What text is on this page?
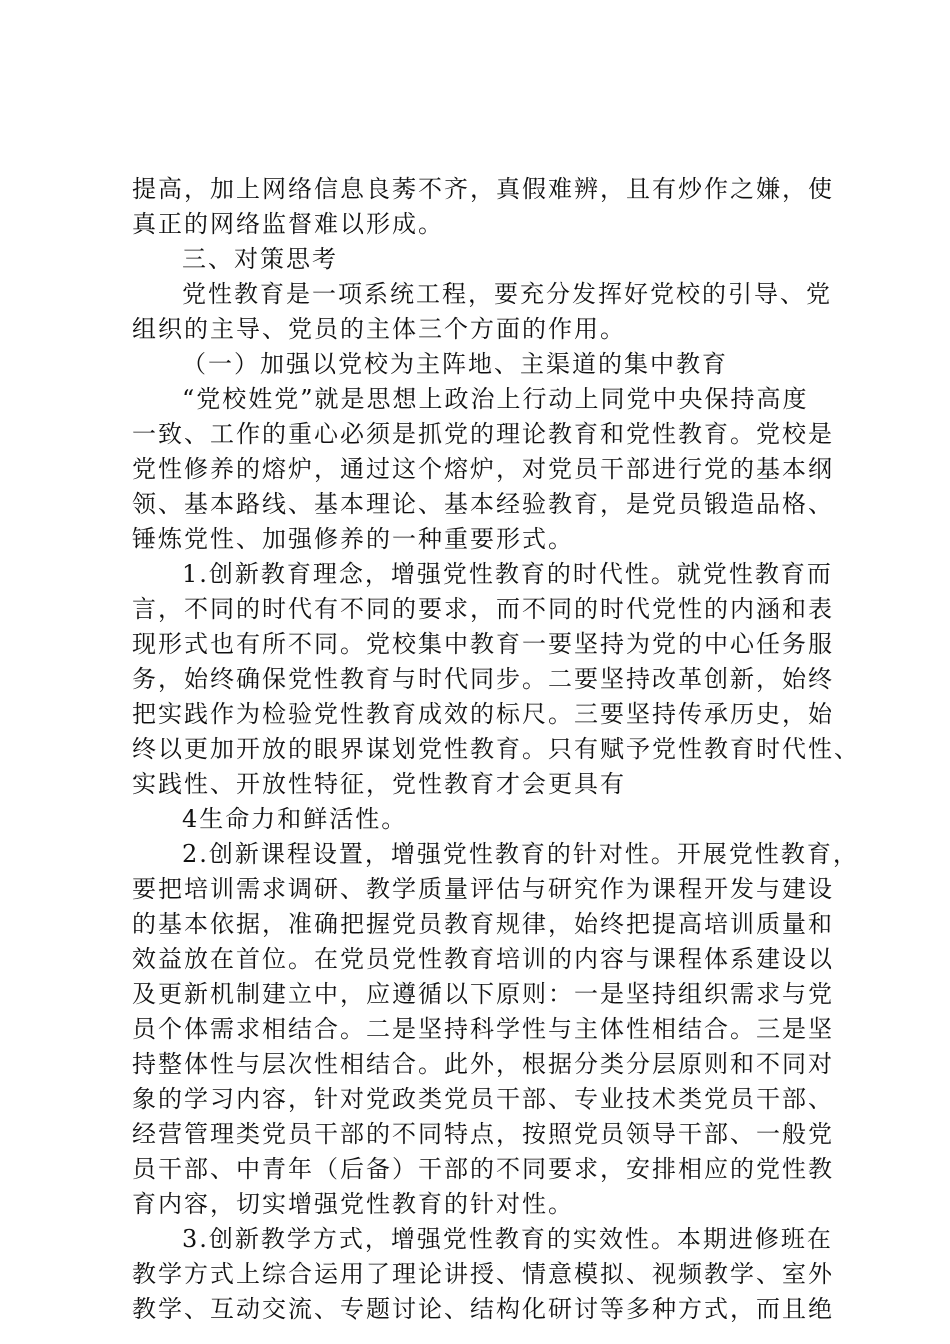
提高，加上网络信息良莠不齐，真假难辨，且有炒作之嫌，使
真正的网络监督难以形成。
三、对策思考
党性教育是一项系统工程，要充分发挥好党校的引导、党
组织的主导、党员的主体三个方面的作用。
（一）加强以党校为主阵地、主渠道的集中教育
“党校姓党”就是思想上政治上行动上同党中央保持高度
一致、工作的重心必须是抓党的理论教育和党性教育。党校是
党性修养的熔炉，通过这个熔炉，对党员干部进行党的基本纲
领、基本路线、基本理论、基本经验教育，是党员锻造品格、
锤炼党性、加强修养的一种重要形式。
1.创新教育理念，增强党性教育的时代性。就党性教育而
言，不同的时代有不同的要求，而不同的时代党性的内涵和表
现形式也有所不同。党校集中教育一要坚持为党的中心任务服
务，始终确保党性教育与时代同步。二要坚持改革创新，始终
把实践作为检验党性教育成效的标尺。三要坚持传承历史，始
终以更加开放的眼界谋划党性教育。只有赋予党性教育时代性、
实践性、开放性特征，党性教育才会更具有
4生命力和鲜活性。
2.创新课程设置，增强党性教育的针对性。开展党性教育，
要把培训需求调研、教学质量评估与研究作为课程开发与建设
的基本依据，准确把握党员教育规律，始终把提高培训质量和
效益放在首位。在党员党性教育培训的内容与课程体系建设以
及更新机制建立中，应遵循以下原则：一是坚持组织需求与党
员个体需求相结合。二是坚持科学性与主体性相结合。三是坚
持整体性与层次性相结合。此外，根据分类分层原则和不同对
象的学习内容，针对党政类党员干部、专业技术类党员干部、
经营管理类党员干部的不同特点，按照党员领导干部、一般党
员干部、中青年（后备）干部的不同要求，安排相应的党性教
育内容，切实增强党性教育的针对性。
3.创新教学方式，增强党性教育的实效性。本期进修班在
教学方式上综合运用了理论讲授、情意模拟、视频教学、室外
教学、互动交流、专题讨论、结构化研讨等多种方式，而且绝
